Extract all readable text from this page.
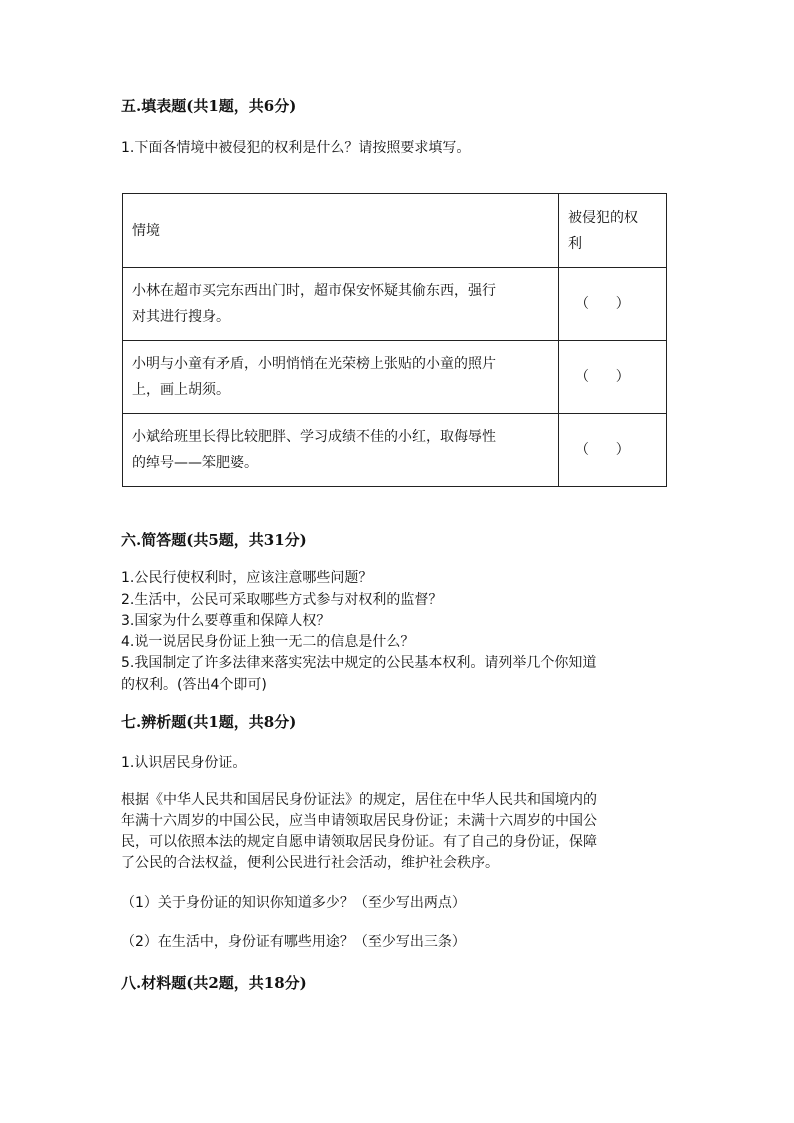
五.填表题(共1题，共6分)
1.下面各情境中被侵犯的权利是什么？请按照要求填写。
情境	被侵犯的权
利

小林在超市买完东西出门时，超市保安怀疑其偷东西，强行
对其进行搜身。	（      ）

小明与小童有矛盾，小明悄悄在光荣榜上张贴的小童的照片
上，画上胡须。	（      ）

小斌给班里长得比较肥胖、学习成绩不佳的小红，取侮辱性
的绰号——笨肥婆。	（      ）
六.简答题(共5题，共31分)
1.公民行使权利时，应该注意哪些问题？
2.生活中，公民可采取哪些方式参与对权利的监督？
3.国家为什么要尊重和保障人权？
4.说一说居民身份证上独一无二的信息是什么？
5.我国制定了许多法律来落实宪法中规定的公民基本权利。请列举几个你知道
的权利。(答出4个即可)
七.辨析题(共1题，共8分)
1.认识居民身份证。
根据《中华人民共和国居民身份证法》的规定，居住在中华人民共和国境内的
年满十六周岁的中国公民，应当申请领取居民身份证；未满十六周岁的中国公
民，可以依照本法的规定自愿申请领取居民身份证。有了自己的身份证，保障
了公民的合法权益，便利公民进行社会活动，维护社会秩序。
（1）关于身份证的知识你知道多少？（至少写出两点）
（2）在生活中，身份证有哪些用途？（至少写出三条）
八.材料题(共2题，共18分)
